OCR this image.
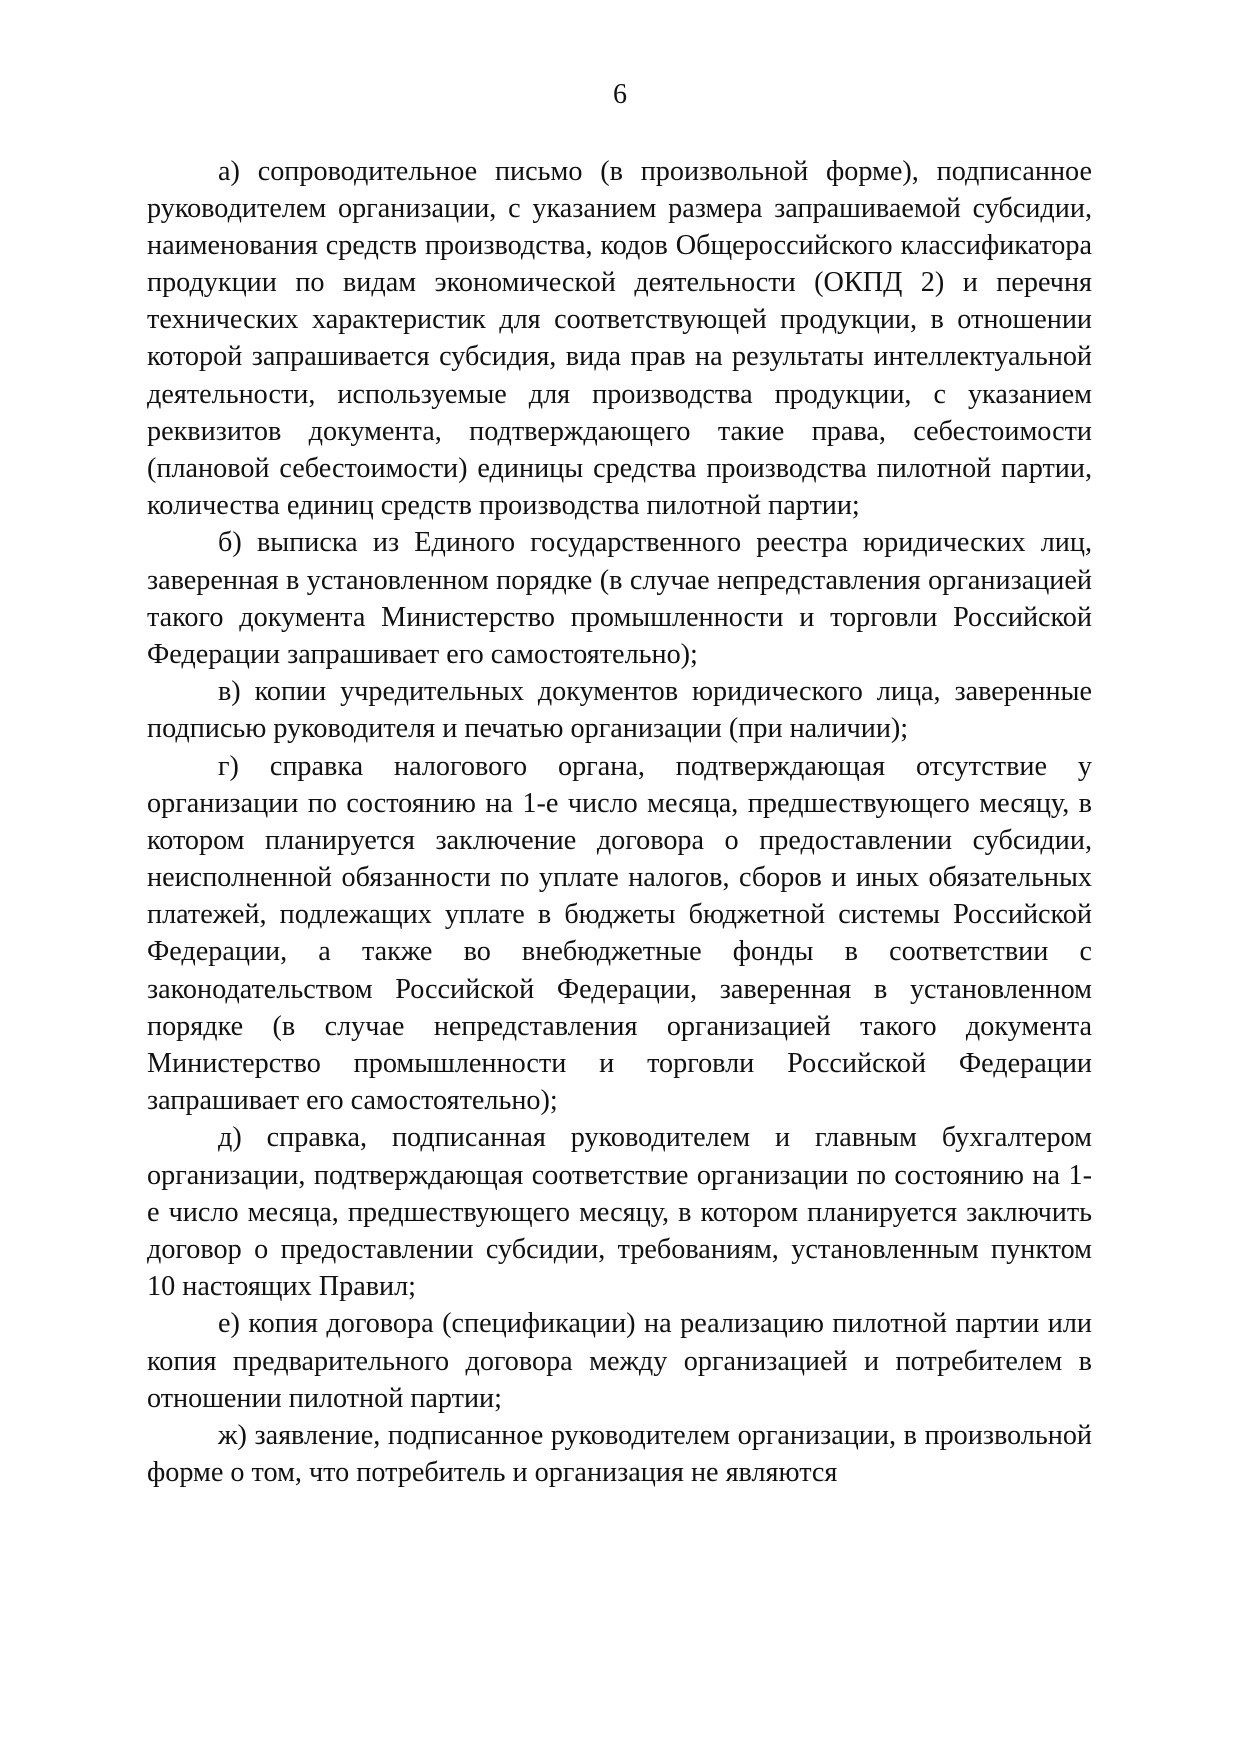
6

а) сопроводительное письмо (в произвольной форме), подписанное руководителем организации, с указанием размера запрашиваемой субсидии, наименования средств производства, кодов Общероссийского классификатора продукции по видам экономической деятельности (ОКПД 2) и перечня технических характеристик для соответствующей продукции, в отношении которой запрашивается субсидия, вида прав на результаты интеллектуальной деятельности, используемые для производства продукции, с указанием реквизитов документа, подтверждающего такие права, себестоимости (плановой себестоимости) единицы средства производства пилотной партии, количества единиц средств производства пилотной партии;

б) выписка из Единого государственного реестра юридических лиц, заверенная в установленном порядке (в случае непредставления организацией такого документа Министерство промышленности и торговли Российской Федерации запрашивает его самостоятельно);

в) копии учредительных документов юридического лица, заверенные подписью руководителя и печатью организации (при наличии);

г) справка налогового органа, подтверждающая отсутствие у организации по состоянию на 1-е число месяца, предшествующего месяцу, в котором планируется заключение договора о предоставлении субсидии, неисполненной обязанности по уплате налогов, сборов и иных обязательных платежей, подлежащих уплате в бюджеты бюджетной системы Российской Федерации, а также во внебюджетные фонды в соответствии с законодательством Российской Федерации, заверенная в установленном порядке (в случае непредставления организацией такого документа Министерство промышленности и торговли Российской Федерации запрашивает его самостоятельно);

д) справка, подписанная руководителем и главным бухгалтером организации, подтверждающая соответствие организации по состоянию на 1-е число месяца, предшествующего месяцу, в котором планируется заключить договор о предоставлении субсидии, требованиям, установленным пунктом 10 настоящих Правил;

е) копия договора (спецификации) на реализацию пилотной партии или копия предварительного договора между организацией и потребителем в отношении пилотной партии;

ж) заявление, подписанное руководителем организации, в произвольной форме о том, что потребитель и организация не являются
